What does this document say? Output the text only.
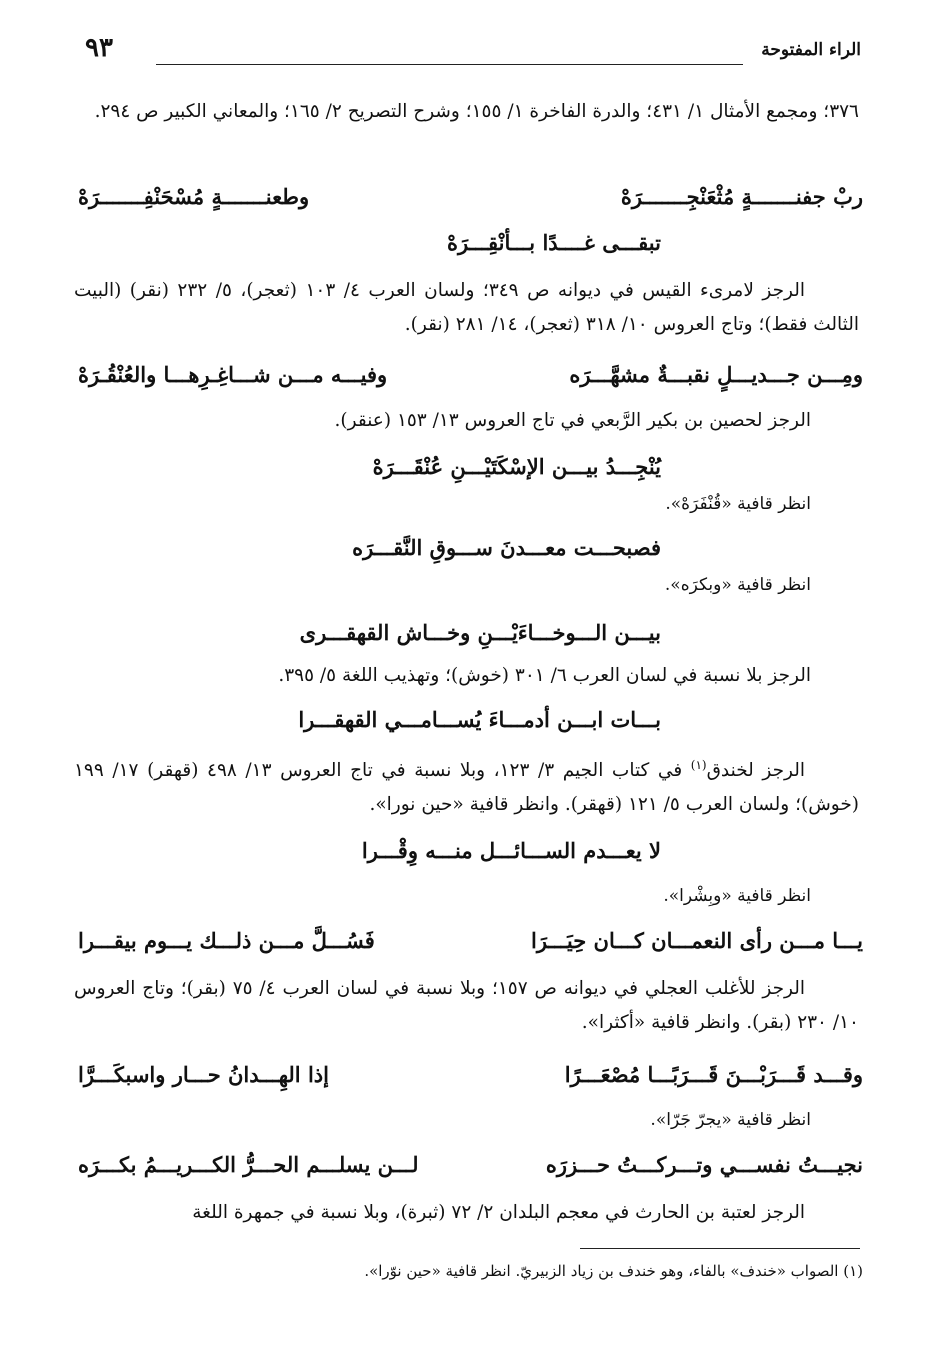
الراء المفتوحة
٩٣
٣٧٦؛ ومجمع الأمثال ١/ ٤٣١؛ والدرة الفاخرة ١/ ١٥٥؛ وشرح التصريح ٢/ ١٦٥؛ والمعاني الكبير ص ٢٩٤.
ربْ جفنـــــــةٍ مُثْعَنْجِـــــــرَهْ
وطعنـــــــةٍ مُسْحَنْفِـــــــرَهْ
تبقـــى غــــدًا بـــأنْقِـــرَهْ
الرجز لامرىء القيس في ديوانه ص ٣٤٩؛ ولسان العرب ٤/ ١٠٣ (ثعجر)، ٥/ ٢٣٢ (نقر) (البيت الثالث فقط)؛ وتاج العروس ١٠/ ٣١٨ (ثعجر)، ١٤/ ٢٨١ (نقر).
ومِـــن جـــديـــلٍ نقبـــةٌ مشهَّـــرَه
وفيـــه مـــن شـــاغِـرِهـــا والعُنْقُـرَهْ
الرجز لحصين بن بكير الرَّبعي في تاج العروس ١٣/ ١٥٣ (عنقر).
يُنْجِـــدُ بيـــن الإسْكَتَيْـــنِ عُنْقَـــرَهْ
انظر قافية «قُنْفَرَهْ».
فصبحـــت معـــدنَ ســـوقِ النَّقـــرَه
انظر قافية «وبكرَه».
بيـــن الـــوخـــاءَيْـــنِ وخـــاش القهقـــرى
الرجز بلا نسبة في لسان العرب ٦/ ٣٠١ (خوش)؛ وتهذيب اللغة ٥/ ٣٩٥.
بـــات ابـــن أدمـــاءَ يُســـامـــي القهقـــرا
الرجز لخندق$^{(١)}$ في كتاب الجيم ٣/ ١٢٣، وبلا نسبة في تاج العروس ١٣/ ٤٩٨ (قهقر) ١٧/ ١٩٩ (خوش)؛ ولسان العرب ٥/ ١٢١ (قهقر). وانظر قافية «حين نورا».
لا يعـــدم الســـائـــل منـــه وِقْـــرا
انظر قافية «وبِشْرا».
يـــا مـــن رأى النعمـــان كـــان حِيَـــرَا
فَسُـــلَّ مـــن ذلـــك يـــوم بيقـــرا
الرجز للأغلب العجلي في ديوانه ص ١٥٧؛ وبلا نسبة في لسان العرب ٤/ ٧٥ (بقر)؛ وتاج العروس ١٠/ ٢٣٠ (بقر). وانظر قافية «أكثرا».
وقـــد قَـــرَبْـــنَ قَـــرَبًـــا مُصْعَـــرًا
إذا الهِـــدانُ حـــار واسبكَـــرَّا
انظر قافية «يجرّ جَرّا».
نجيـــتُ نفســـي وتـــركـــتُ حـــزرَه
لـــن يسلـــم الحـــرُّ الكـــريـــمُ بكـــرَه
الرجز لعتبة بن الحارث في معجم البلدان ٢/ ٧٢ (ثبرة)، وبلا نسبة في جمهرة اللغة
(١) الصواب «خندف» بالفاء، وهو خندف بن زياد الزبيريّ. انظر قافية «حين نوّرا».
